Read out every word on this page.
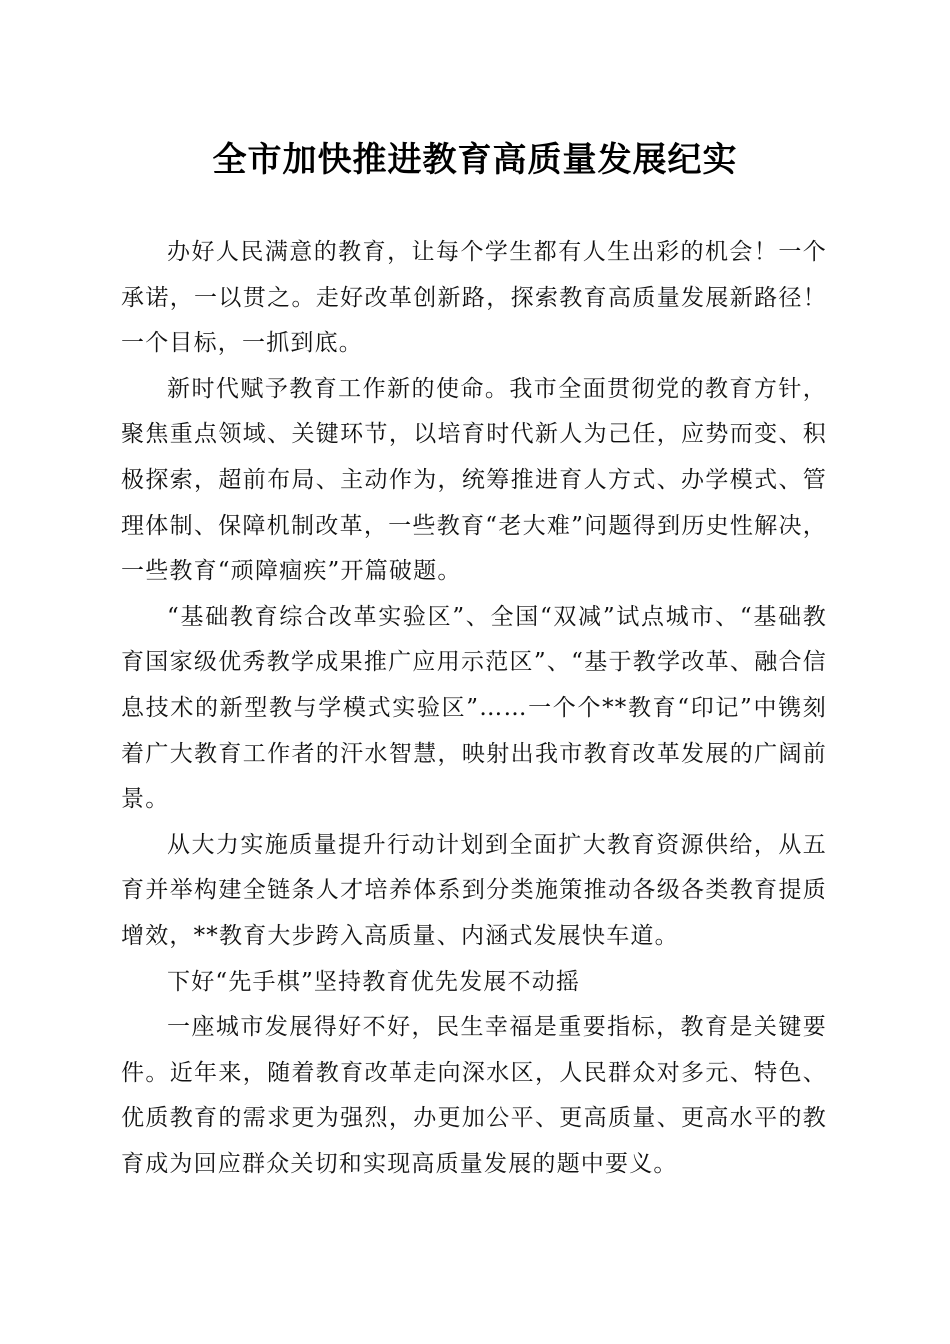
全市加快推进教育高质量发展纪实

办好人民满意的教育，让每个学生都有人生出彩的机会！一个承诺，一以贯之。走好改革创新路，探索教育高质量发展新路径！一个目标，一抓到底。

新时代赋予教育工作新的使命。我市全面贯彻党的教育方针，聚焦重点领域、关键环节，以培育时代新人为己任，应势而变、积极探索，超前布局、主动作为，统筹推进育人方式、办学模式、管理体制、保障机制改革，一些教育“老大难”问题得到历史性解决，一些教育“顽障痼疾”开篇破题。

“基础教育综合改革实验区”、全国“双减”试点城市、“基础教育国家级优秀教学成果推广应用示范区”、“基于教学改革、融合信息技术的新型教与学模式实验区”……一个个**教育“印记”中镌刻着广大教育工作者的汗水智慧，映射出我市教育改革发展的广阔前景。

从大力实施质量提升行动计划到全面扩大教育资源供给，从五育并举构建全链条人才培养体系到分类施策推动各级各类教育提质增效，**教育大步跨入高质量、内涵式发展快车道。

下好“先手棋”坚持教育优先发展不动摇

一座城市发展得好不好，民生幸福是重要指标，教育是关键要件。近年来，随着教育改革走向深水区，人民群众对多元、特色、优质教育的需求更为强烈，办更加公平、更高质量、更高水平的教育成为回应群众关切和实现高质量发展的题中要义。
